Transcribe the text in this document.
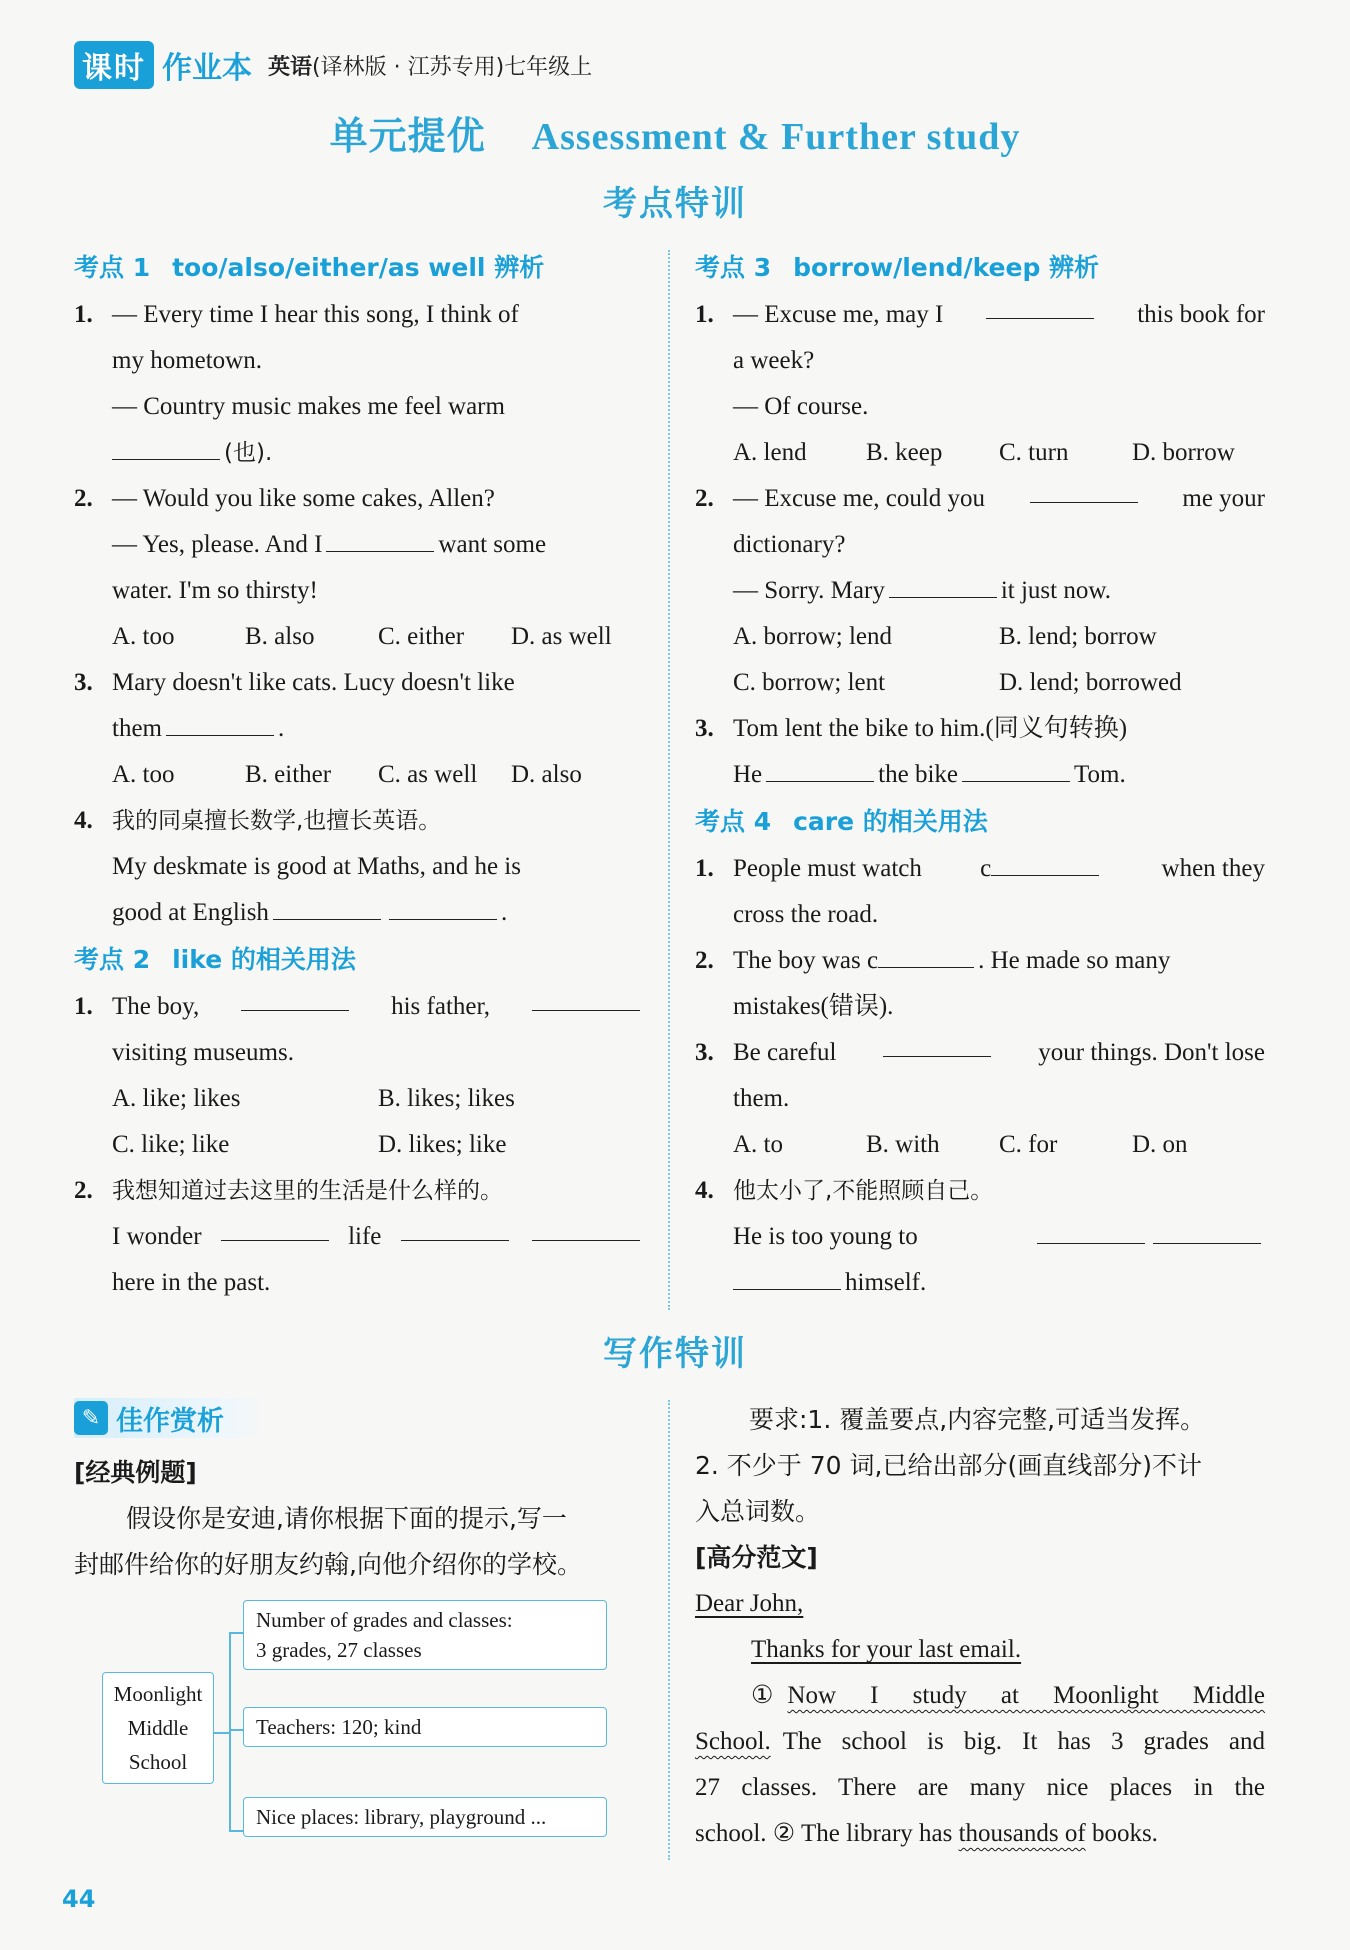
课时 作业本 英语(译林版 · 江苏专用)七年级上
单元提优 Assessment & Further study
考点特训
考点 1 too/also/either/as well 辨析
1. — Every time I hear this song, I think of
my hometown.
— Country music makes me feel warm
(也).
2. — Would you like some cakes, Allen?
— Yes, please. And I	want some
water. I'm so thirsty!
A. too	B. also	C. either	D. as well
3. Mary doesn't like cats. Lucy doesn't like
them	.
A. too	B. either	C. as well	D. also
4. 我的同桌擅长数学,也擅长英语。
My deskmate is good at Maths, and he is
good at English	.
考点 2 like 的相关用法
1. The boy,	his father,
visiting museums.
A. like; likes	B. likes; likes
C. like; like	D. likes; like
2. 我想知道过去这里的生活是什么样的。
I wonder	life
here in the past.
考点 3 borrow/lend/keep 辨析
1. — Excuse me, may I	this book for
a week?
— Of course.
A. lend	B. keep	C. turn	D. borrow
2. — Excuse me, could you	me your
dictionary?
— Sorry. Mary	it just now.
A. borrow; lend	B. lend; borrow
C. borrow; lent	D. lend; borrowed
3. Tom lent the bike to him.(同义句转换)
He	the bike	Tom.
考点 4 care 的相关用法
1. People must watch c	when they
cross the road.
2. The boy was c	. He made so many
mistakes(错误).
3. Be careful	your things. Don't lose
them.
A. to	B. with	C. for	D. on
4. 他太小了,不能照顾自己。
He is too young to
himself.
写作特训
✎ 佳作赏析
[经典例题]
假设你是安迪,请你根据下面的提示,写一
封邮件给你的好朋友约翰,向他介绍你的学校。
Moonlight
Middle
School
Number of grades and classes:
3 grades, 27 classes
Teachers: 120; kind
Nice places: library, playground ...
要求:1. 覆盖要点,内容完整,可适当发挥。
2. 不少于 70 词,已给出部分(画直线部分)不计
入总词数。
[高分范文]
Dear John,
Thanks for your last email.
① Now I study at Moonlight Middle
School. The school is big. It has 3 grades and
27 classes. There are many nice places in the
school. ② The library has thousands of books.
44
